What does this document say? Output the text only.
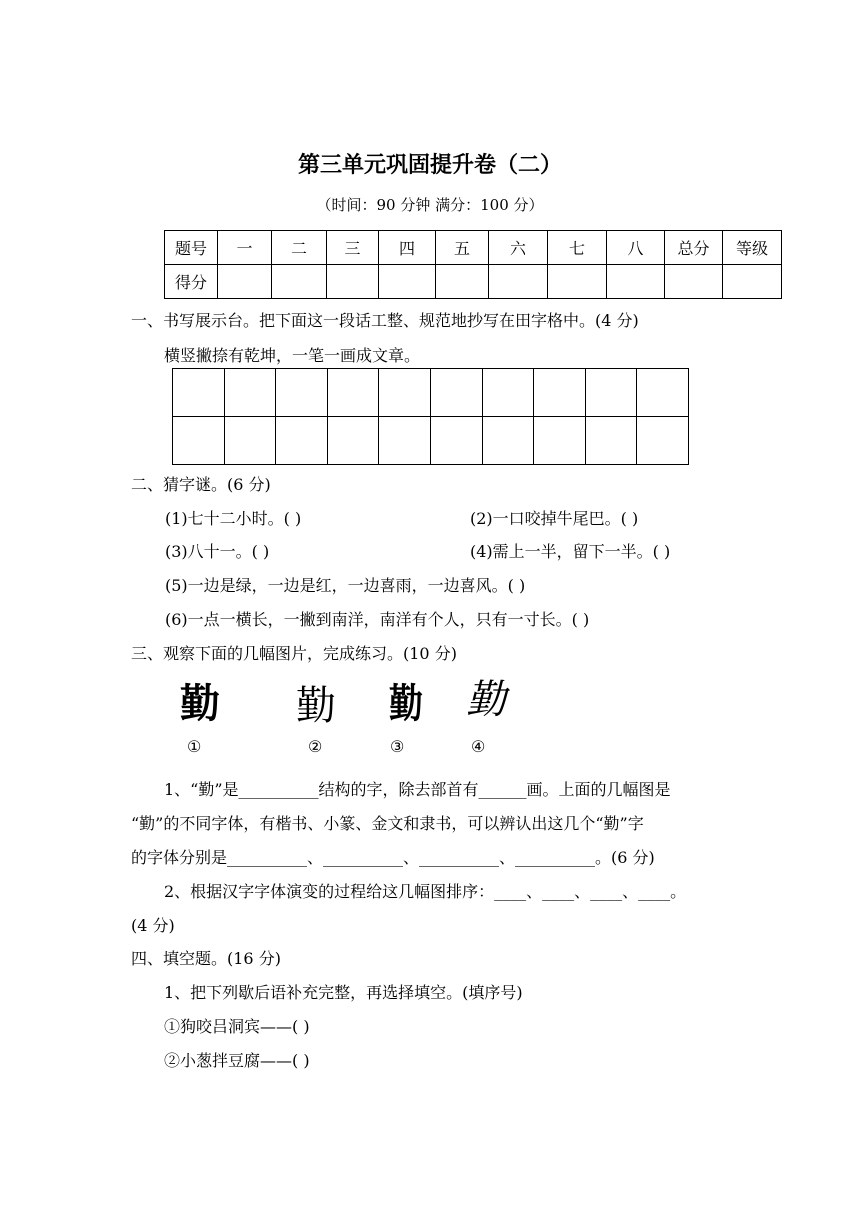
第三单元巩固提升卷（二）
（时间：90 分钟 满分：100 分）
题号	一	二	三	四	五	六	七	八	总分	等级
得分										
一、书写展示台。把下面这一段话工整、规范地抄写在田字格中。(4 分)
横竖撇捺有乾坤，一笔一画成文章。
二、猜字谜。(6 分)
(1)七十二小时。( )	(2)一口咬掉牛尾巴。( )
(3)八十一。( )	(4)需上一半，留下一半。( )
(5)一边是绿，一边是红，一边喜雨，一边喜风。( )
(6)一点一横长，一撇到南洋，南洋有个人，只有一寸长。( )
三、观察下面的几幅图片，完成练习。(10 分)
勤 勤 勤 勤
①	②	③	④
1、“勤”是__________结构的字，除去部首有______画。上面的几幅图是
“勤”的不同字体，有楷书、小篆、金文和隶书，可以辨认出这几个“勤”字
的字体分别是__________、__________、__________、__________。(6 分)
2、根据汉字字体演变的过程给这几幅图排序：____、____、____、____。
(4 分)
四、填空题。(16 分)
1、把下列歇后语补充完整，再选择填空。(填序号)
①狗咬吕洞宾——( )
②小葱拌豆腐——( )
